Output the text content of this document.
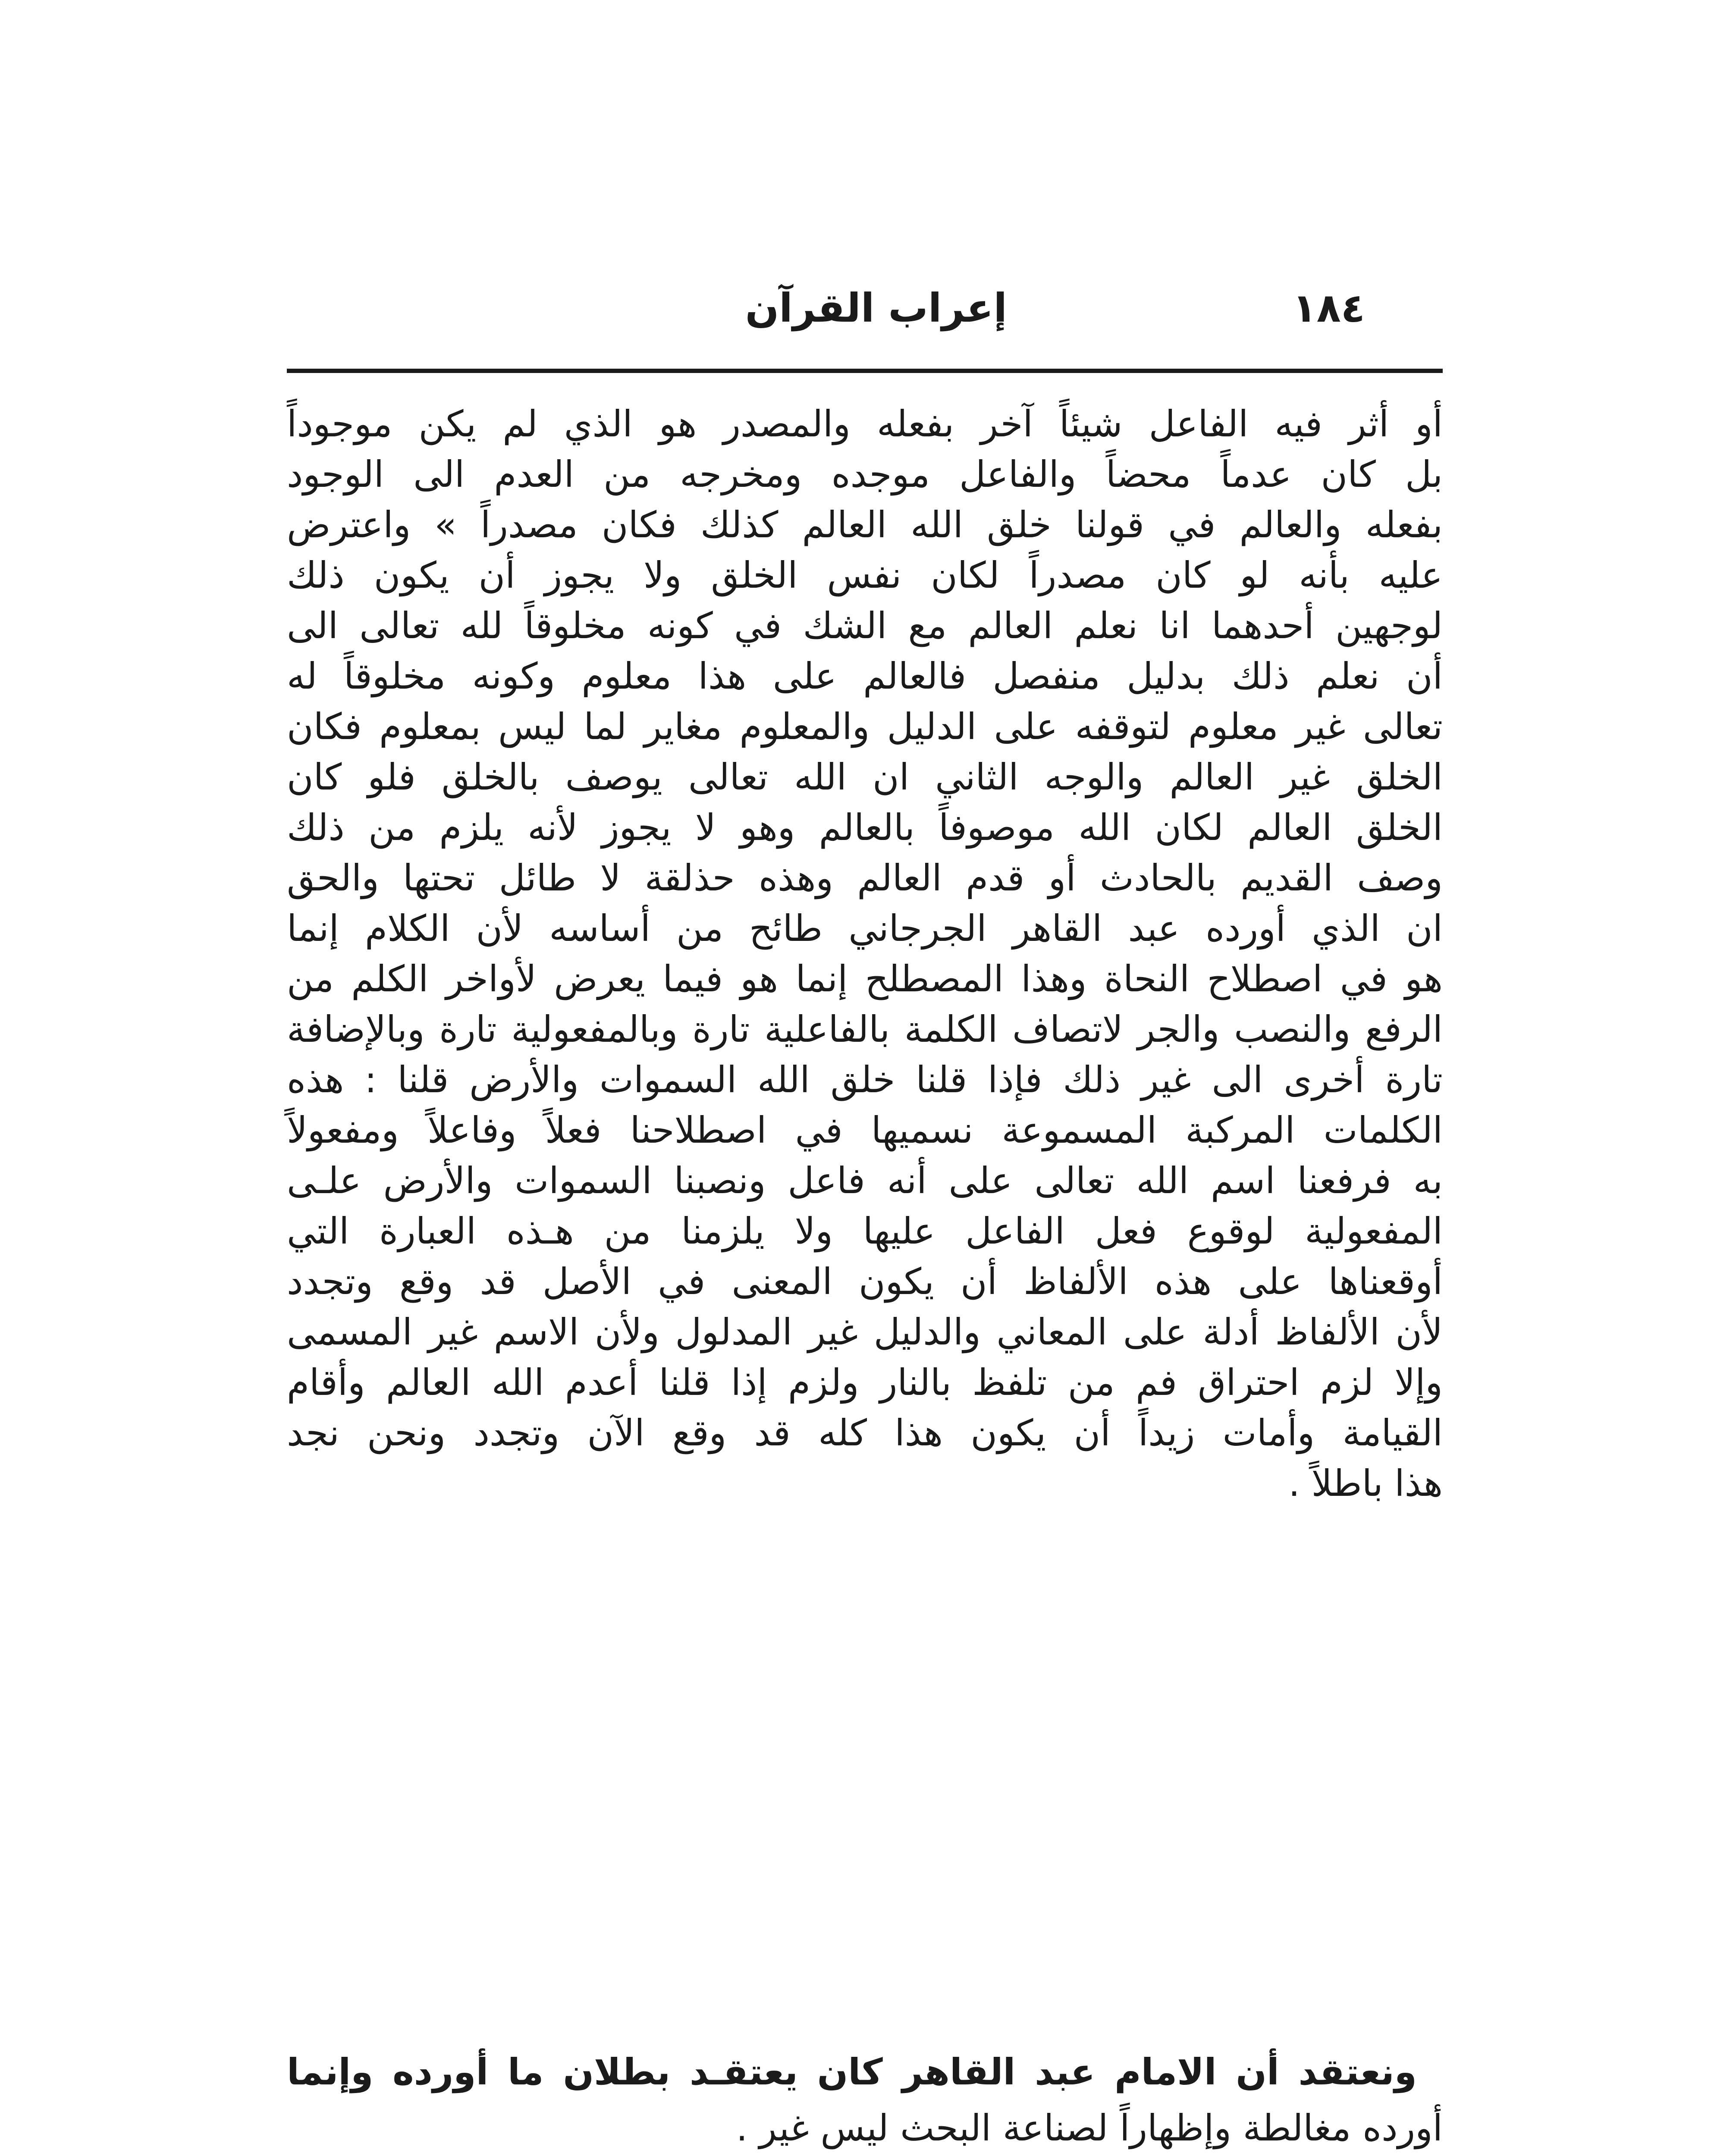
١٨٤
إعراب القرآن
أو أثر فيه الفاعل شيئاً آخر بفعله والمصدر هو الذي لم يكن موجوداً
بل كان عدماً محضاً والفاعل موجده ومخرجه من العدم الى الوجود
بفعله والعالم في قولنا خلق الله العالم كذلك فكان مصدراً » واعترض
عليه بأنه لو كان مصدراً لكان نفس الخلق ولا يجوز أن يكون ذلك
لوجهين أحدهما انا نعلم العالم مع الشك في كونه مخلوقاً لله تعالى الى
أن نعلم ذلك بدليل منفصل فالعالم على هذا معلوم وكونه مخلوقاً له
تعالى غير معلوم لتوقفه على الدليل والمعلوم مغاير لما ليس بمعلوم فكان
الخلق غير العالم والوجه الثاني ان الله تعالى يوصف بالخلق فلو كان
الخلق العالم لكان الله موصوفاً بالعالم وهو لا يجوز لأنه يلزم من ذلك
وصف القديم بالحادث أو قدم العالم وهذه حذلقة لا طائل تحتها والحق
ان الذي أورده عبد القاهر الجرجاني طائح من أساسه لأن الكلام إنما
هو في اصطلاح النحاة وهذا المصطلح إنما هو فيما يعرض لأواخر الكلم من
الرفع والنصب والجر لاتصاف الكلمة بالفاعلية تارة وبالمفعولية تارة وبالإضافة
تارة أخرى الى غير ذلك فإذا قلنا خلق الله السموات والأرض قلنا : هذه
الكلمات المركبة المسموعة نسميها في اصطلاحنا فعلاً وفاعلاً ومفعولاً
به فرفعنا اسم الله تعالى على أنه فاعل ونصبنا السموات والأرض علـى
المفعولية لوقوع فعل الفاعل عليها ولا يلزمنا من هـذه العبارة التي
أوقعناها على هذه الألفاظ أن يكون المعنى في الأصل قد وقع وتجدد
لأن الألفاظ أدلة على المعاني والدليل غير المدلول ولأن الاسم غير المسمى
وإلا لزم احتراق فم من تلفظ بالنار ولزم إذا قلنا أعدم الله العالم وأقام
القيامة وأمات زيداً أن يكون هذا كله قد وقع الآن وتجدد ونحن نجد
هذا باطلاً .
ونعتقد أن الامام عبد القاهر كان يعتقـد بطلان ما أورده وإنما
أورده مغالطة وإظهاراً لصناعة البحث ليس غير .
